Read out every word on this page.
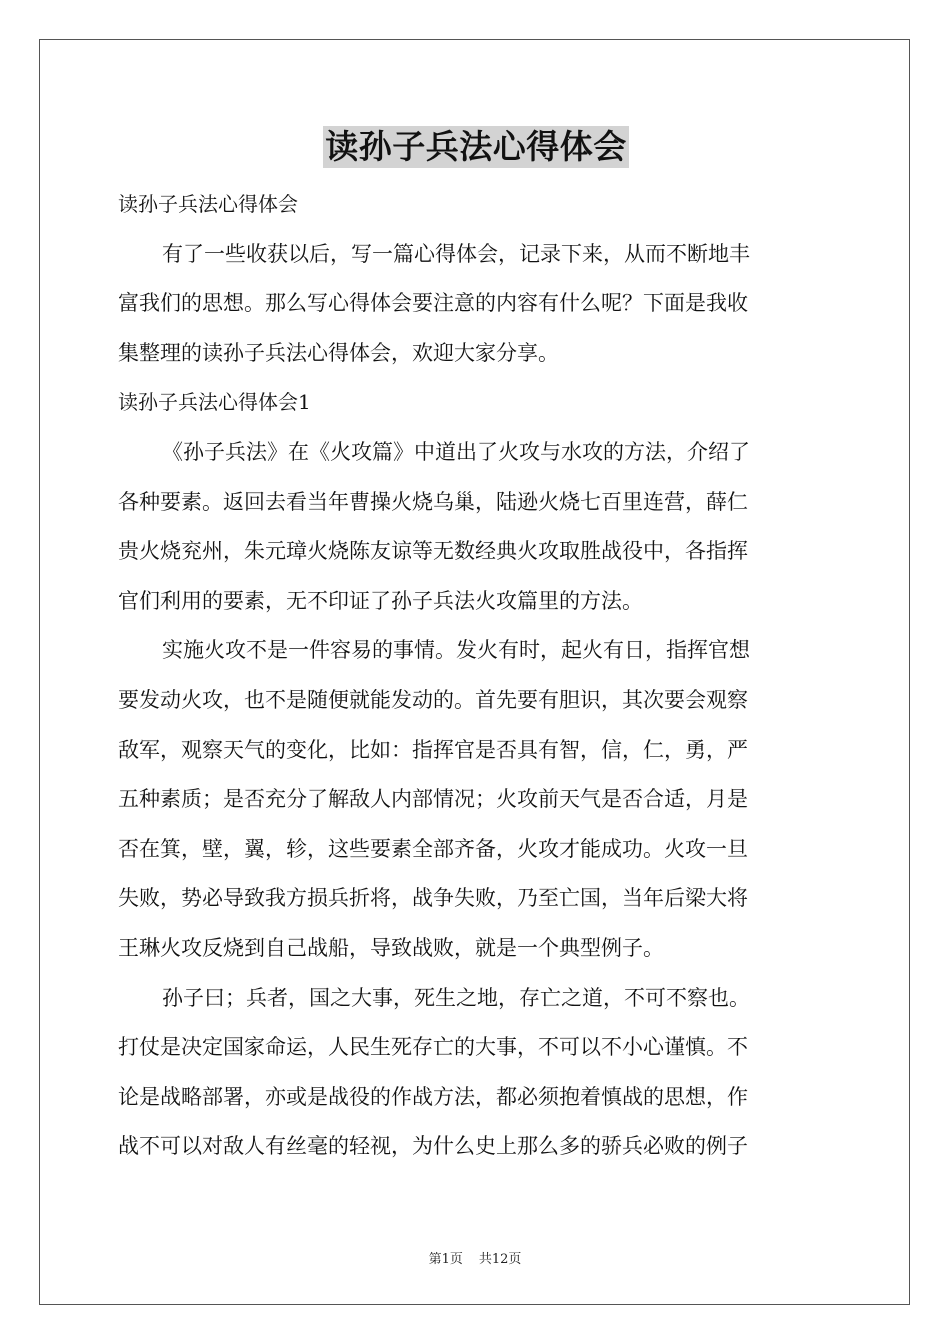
读孙子兵法心得体会
读孙子兵法心得体会
有了一些收获以后，写一篇心得体会，记录下来，从而不断地丰
富我们的思想。那么写心得体会要注意的内容有什么呢？下面是我收
集整理的读孙子兵法心得体会，欢迎大家分享。
读孙子兵法心得体会1
《孙子兵法》在《火攻篇》中道出了火攻与水攻的方法，介绍了
各种要素。返回去看当年曹操火烧乌巢，陆逊火烧七百里连营，薛仁
贵火烧兖州，朱元璋火烧陈友谅等无数经典火攻取胜战役中，各指挥
官们利用的要素，无不印证了孙子兵法火攻篇里的方法。
实施火攻不是一件容易的事情。发火有时，起火有日，指挥官想
要发动火攻，也不是随便就能发动的。首先要有胆识，其次要会观察
敌军，观察天气的变化，比如：指挥官是否具有智，信，仁，勇，严
五种素质；是否充分了解敌人内部情况；火攻前天气是否合适，月是
否在箕，壁，翼，轸，这些要素全部齐备，火攻才能成功。火攻一旦
失败，势必导致我方损兵折将，战争失败，乃至亡国，当年后梁大将
王琳火攻反烧到自己战船，导致战败，就是一个典型例子。
孙子曰；兵者，国之大事，死生之地，存亡之道，不可不察也。
打仗是决定国家命运，人民生死存亡的大事，不可以不小心谨慎。不
论是战略部署，亦或是战役的作战方法，都必须抱着慎战的思想，作
战不可以对敌人有丝毫的轻视，为什么史上那么多的骄兵必败的例子
第1页 共12页
